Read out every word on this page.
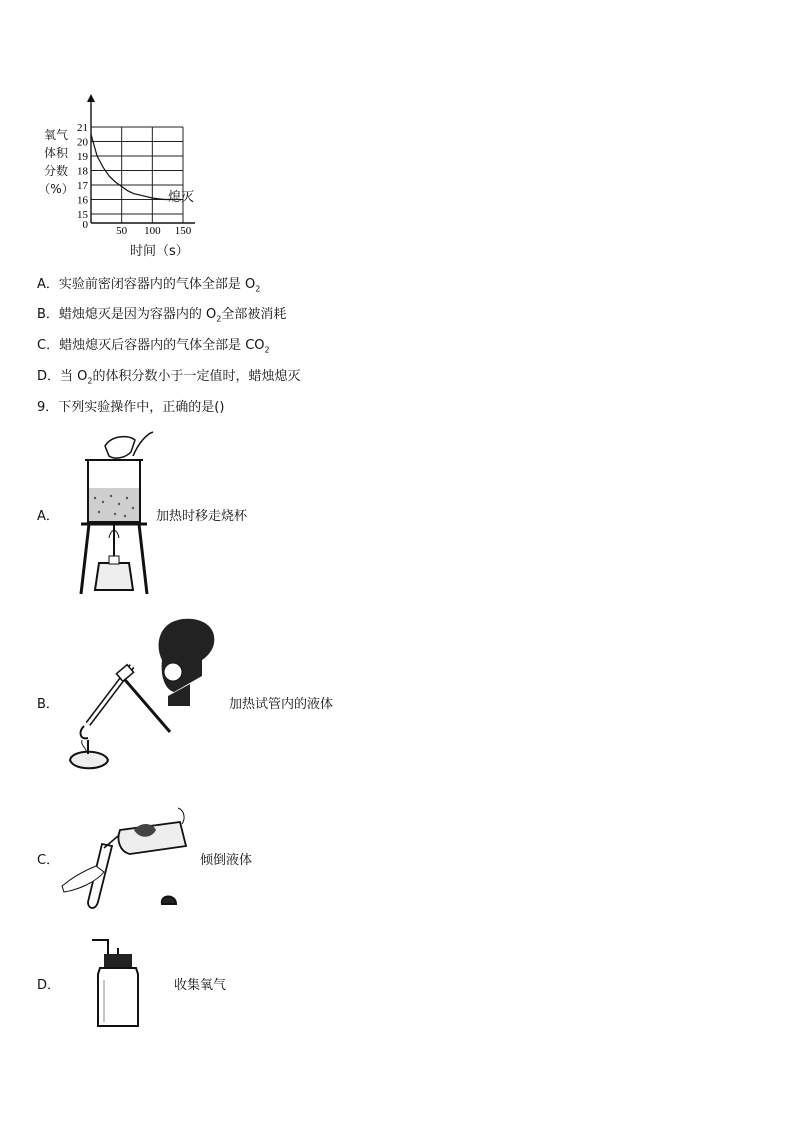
氧气
体积
分数
（%）
21
20
19
18
17
16
15
0	50 100 150
熄灭
时间（s）
A．实验前密闭容器内的气体全部是 $O_2$
B．蜡烛熄灭是因为容器内的 $O_2$全部被消耗
C．蜡烛熄灭后容器内的气体全部是 $CO_2$
D．当 $O_2$的体积分数小于一定值时，蜡烛熄灭
9．下列实验操作中，正确的是()
A．	加热时移走烧杯
B．	加热试管内的液体
C．	倾倒液体
D．	收集氧气
